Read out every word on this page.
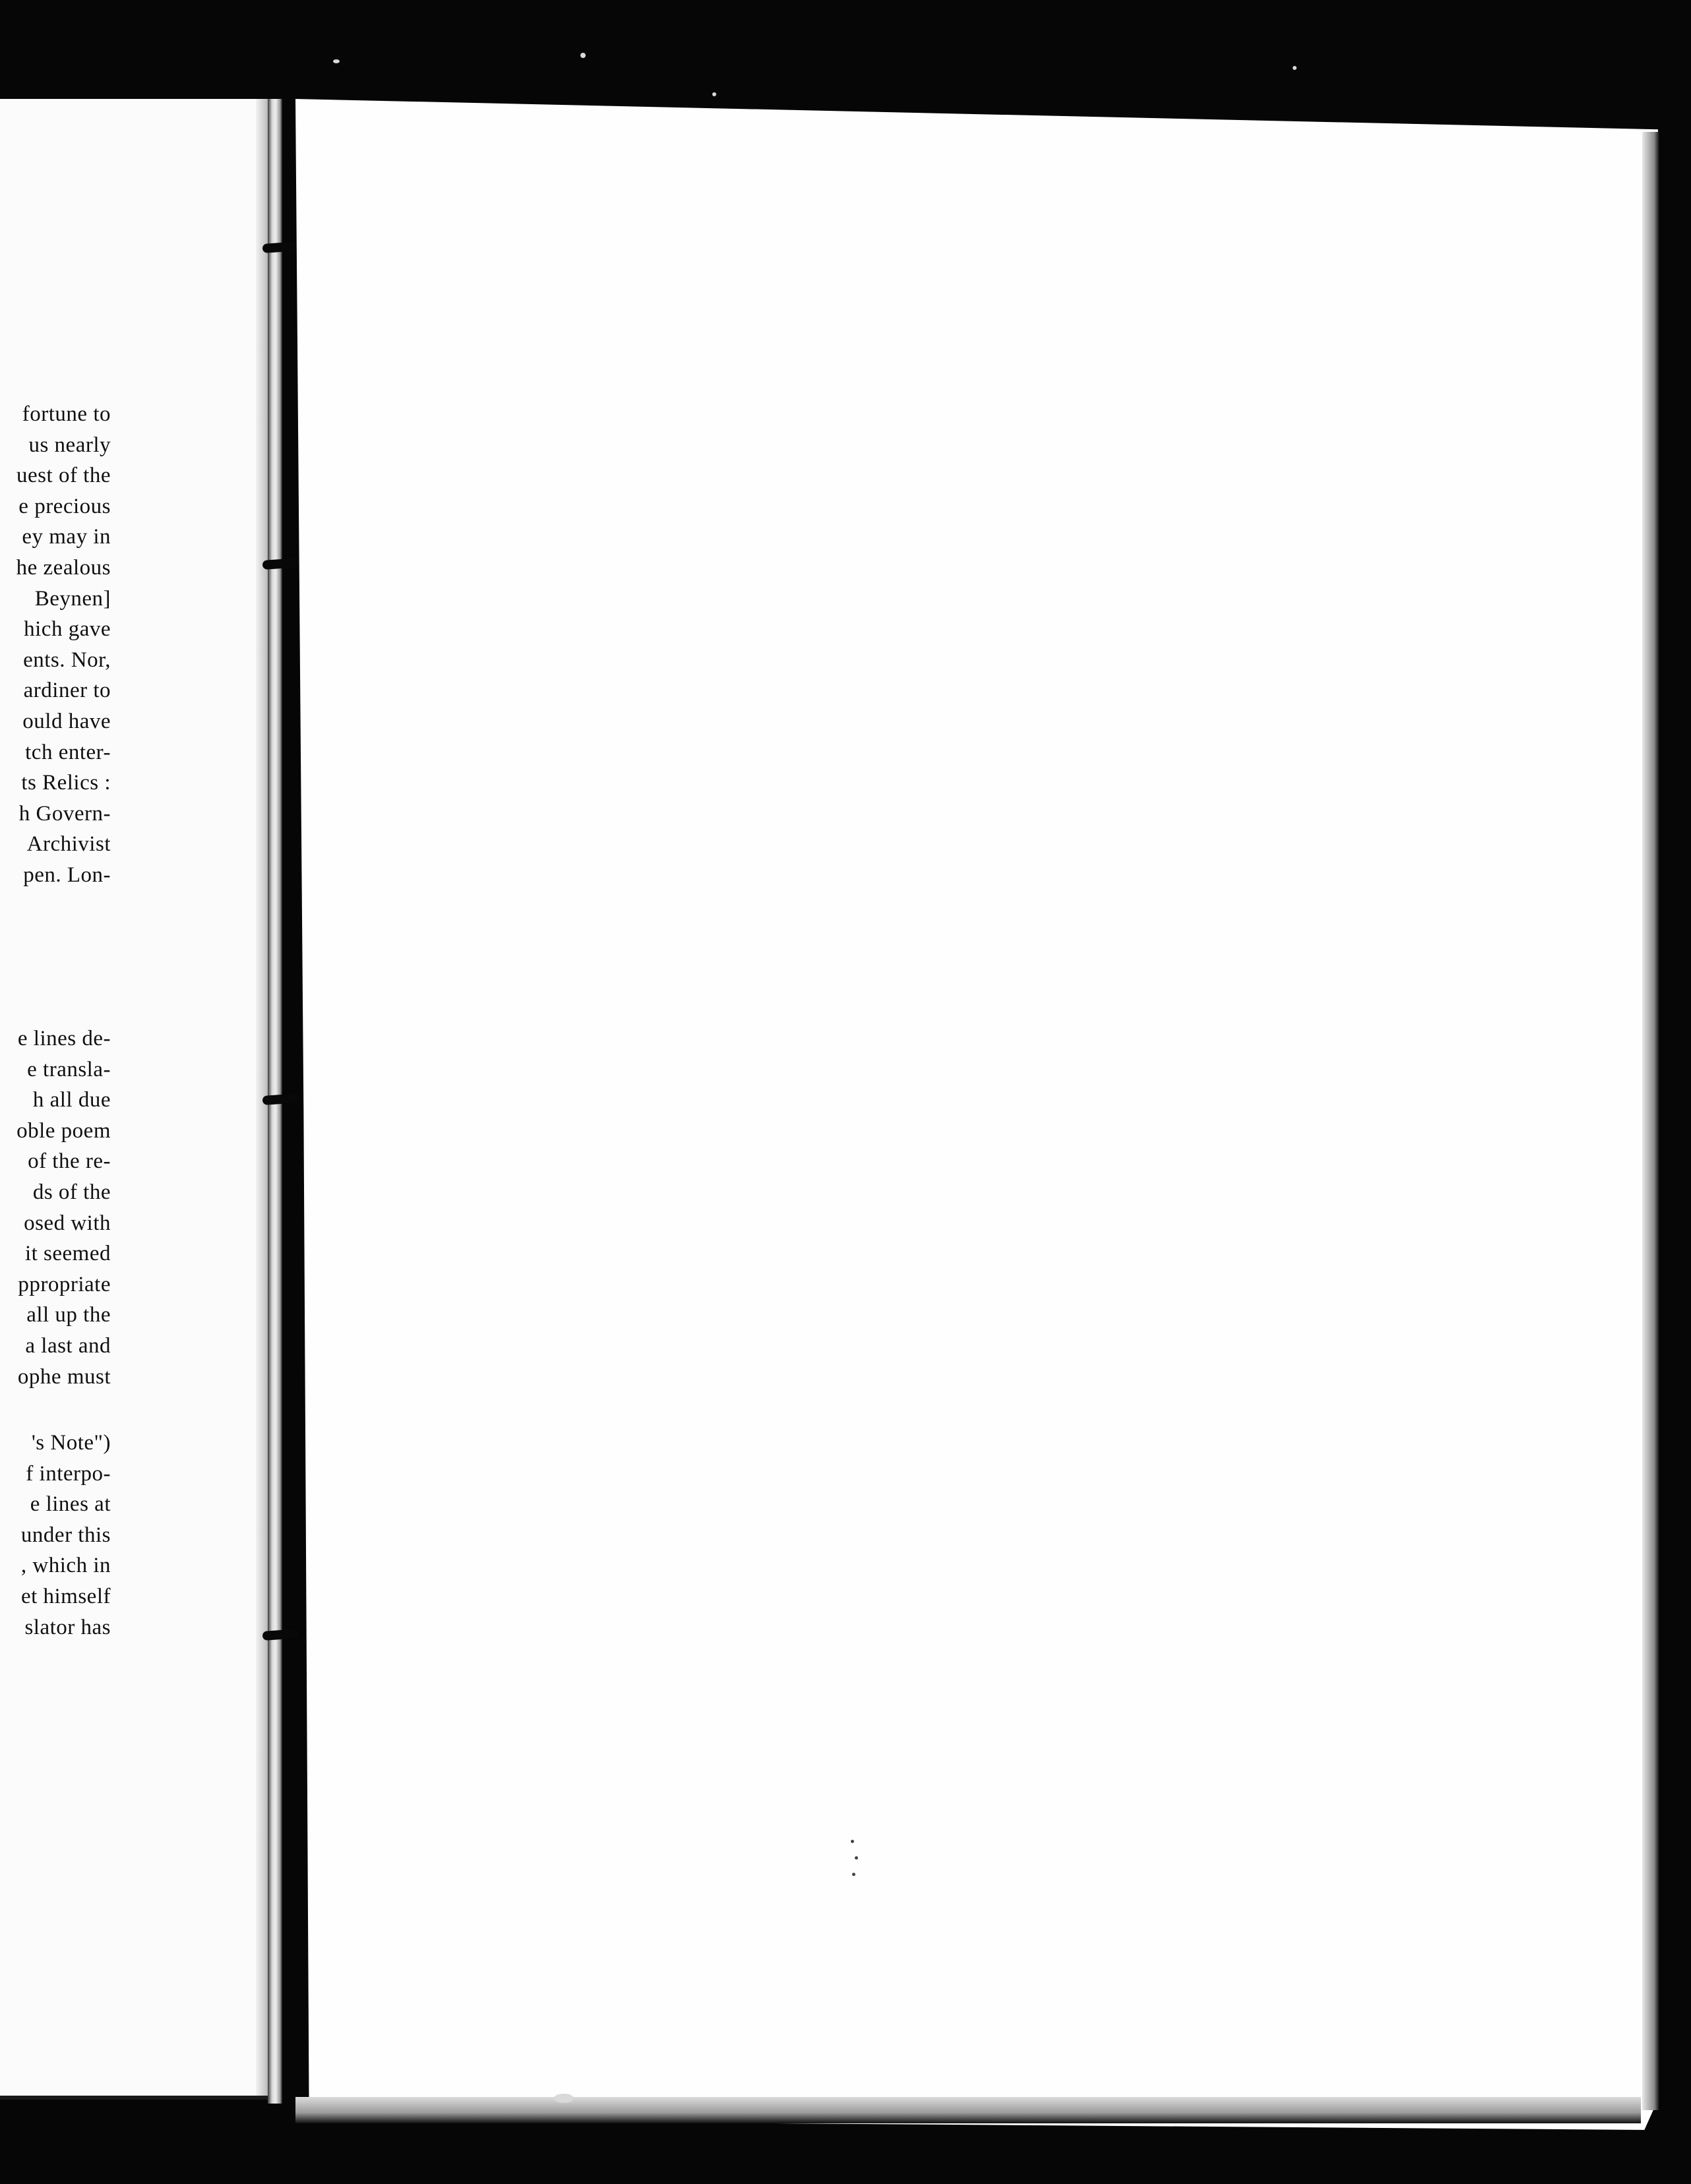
fortune to
us nearly
uest of the
e precious
ey may in
he zealous
Beynen]
hich gave
ents. Nor,
ardiner to
ould have
tch enter-
ts Relics :
h Govern-
Archivist
pen. Lon-
e lines de-
e transla-
h all due
oble poem
of the re-
ds of the
osed with
it seemed
ppropriate
all up the
a last and
ophe must
's Note")
f interpo-
e lines at
under this
, which in
et himself
slator has
